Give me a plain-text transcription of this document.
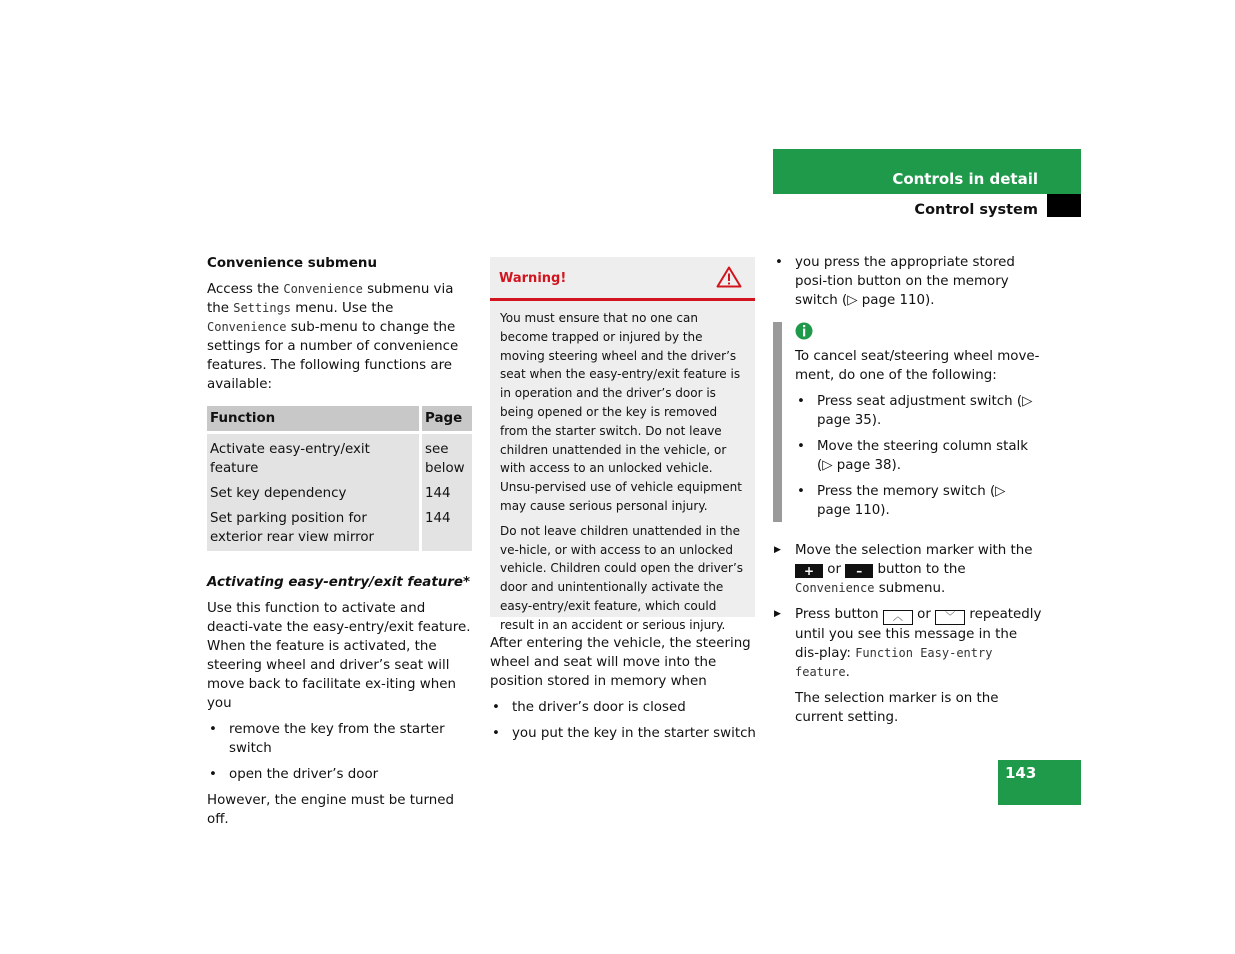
Controls in detail
Control system
Convenience submenu

Access the Convenience submenu via the Settings menu. Use the Convenience sub-menu to change the settings for a number of convenience features. The following functions are available:

Function	Page

Activate easy-entry/exit feature	see below
Set key dependency	144
Set parking position for exterior rear view mirror	144
Activating easy-entry/exit feature*

Use this function to activate and deacti-vate the easy-entry/exit feature. When the feature is activated, the steering wheel and driver’s seat will move back to facilitate ex-iting when you

• remove the key from the starter switch
• open the driver’s door

However, the engine must be turned off.

Warning!

You must ensure that no one can become trapped or injured by the moving steering wheel and the driver’s seat when the easy-entry/exit feature is in operation and the driver’s door is being opened or the key is removed from the starter switch. Do not leave children unattended in the vehicle, or with access to an unlocked vehicle. Unsu-pervised use of vehicle equipment may cause serious personal injury.

Do not leave children unattended in the ve-hicle, or with access to an unlocked vehicle. Children could open the driver’s door and unintentionally activate the easy-entry/exit feature, which could result in an accident or serious injury.

After entering the vehicle, the steering wheel and seat will move into the position stored in memory when

• the driver’s door is closed
• you put the key in the starter switch
• you press the appropriate stored posi-tion button on the memory switch (▷ page 110).

To cancel seat/steering wheel move-ment, do one of the following:

• Press seat adjustment switch (▷ page 35).
• Move the steering column stalk (▷ page 38).
• Press the memory switch (▷ page 110).
▶ Move the selection marker with the + or – button to the Convenience submenu.
▶ Press button ︿ or ﹀ repeatedly until you see this message in the dis-play: Function Easy-entry feature.

The selection marker is on the current setting.

143
